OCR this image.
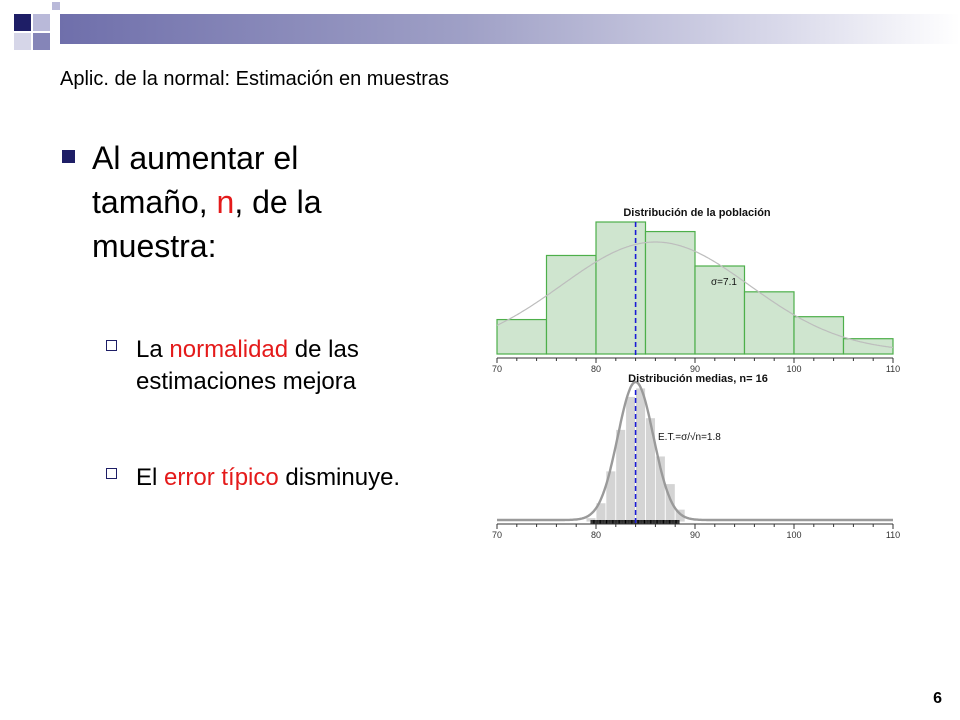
Aplic. de la normal: Estimación en muestras
Al aumentar el tamaño, n, de la muestra:
La normalidad de las estimaciones mejora
El error típico disminuye.
70	80	90	100	110
Distribución de la población
σ=7.1
70	80	90	100	110
Distribución medias, n= 16
E.T.=σ/√n=1.8
6
